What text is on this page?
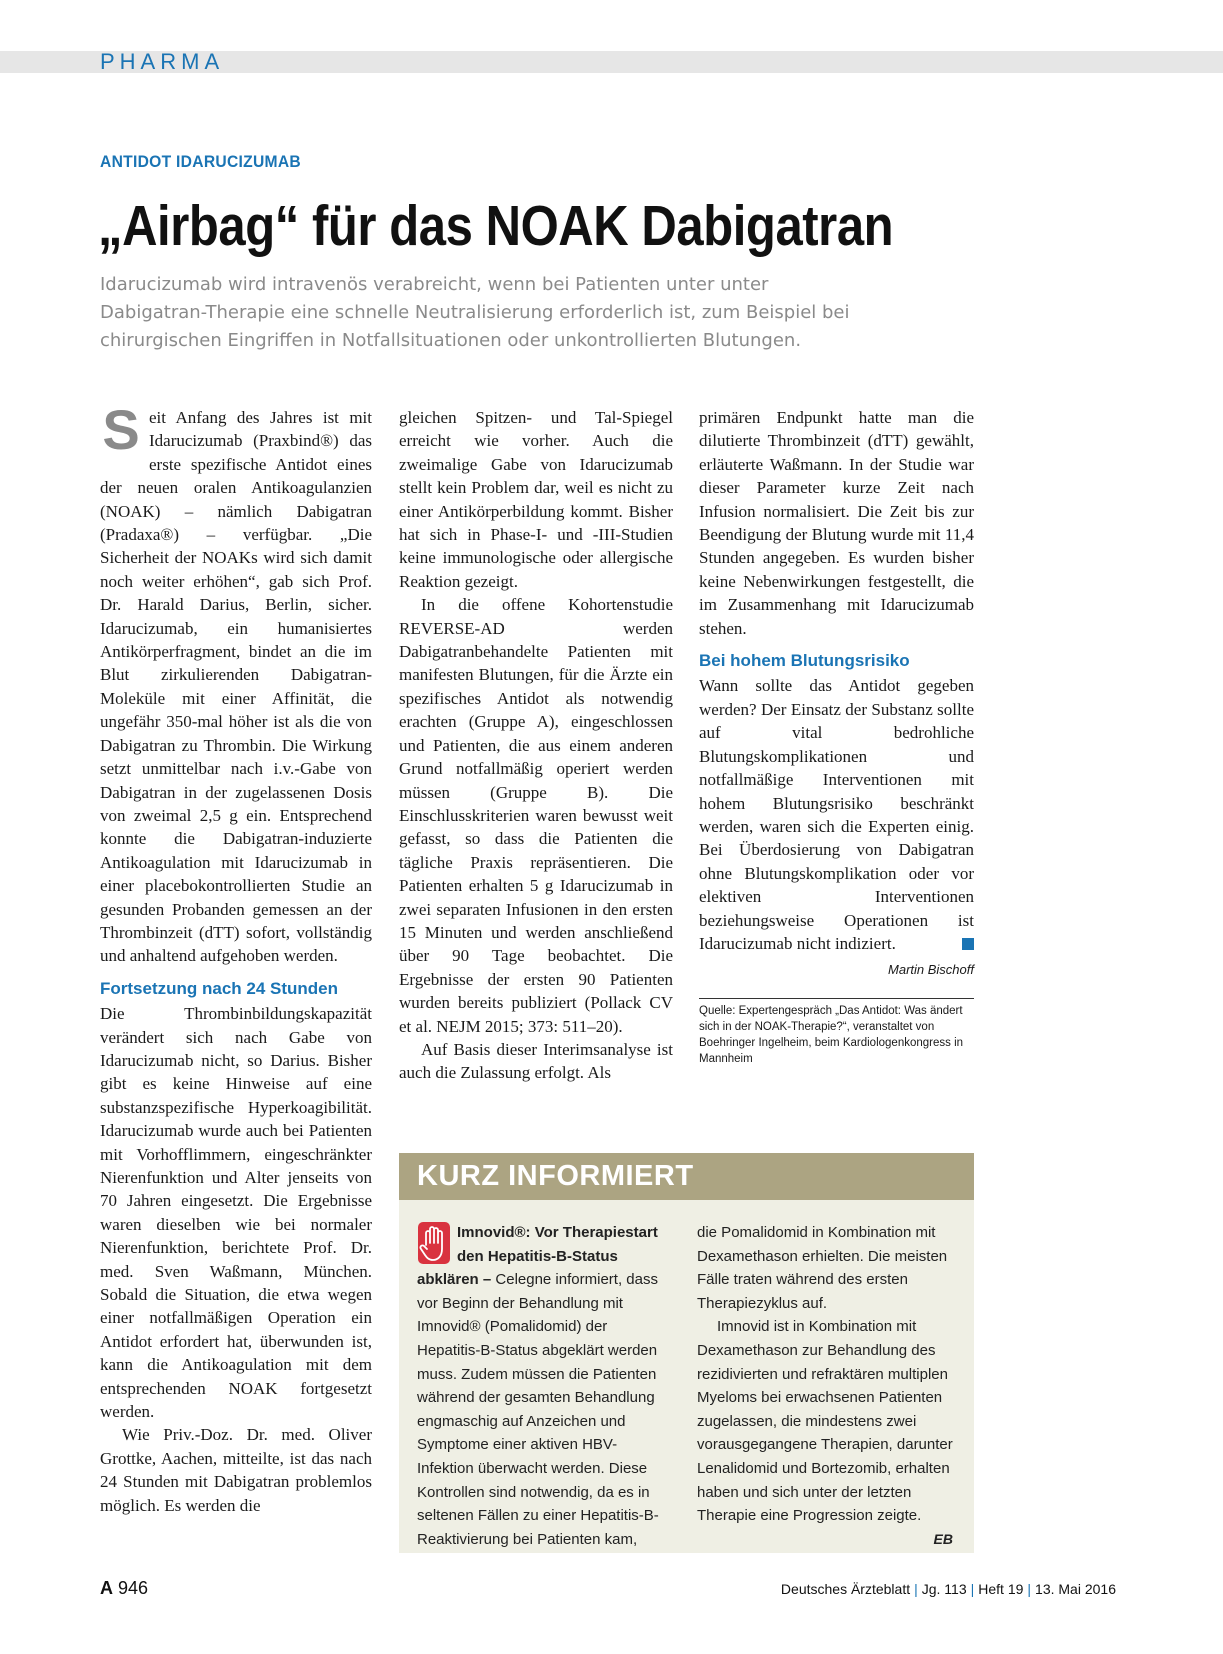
PHARMA
ANTIDOT IDARUCIZUMAB
„Airbag“ für das NOAK Dabigatran
Idarucizumab wird intravenös verabreicht, wenn bei Patienten unter unter
Dabigatran-Therapie eine schnelle Neutralisierung erforderlich ist, zum Beispiel bei
chirurgischen Eingriffen in Notfallsituationen oder unkontrollierten Blutungen.

Seit Anfang des Jahres ist mit Idarucizumab (Praxbind®) das erste spezifische Antidot eines der neuen oralen Antikoagulanzien (NOAK) – nämlich Dabigatran (Pradaxa®) – verfügbar. „Die Sicherheit der NOAKs wird sich damit noch weiter erhöhen“, gab sich Prof. Dr. Harald Darius, Berlin, sicher. Idarucizumab, ein humanisiertes Antikörperfragment, bindet an die im Blut zirkulierenden Dabigatran-Moleküle mit einer Affinität, die ungefähr 350-mal höher ist als die von Dabigatran zu Thrombin. Die Wirkung setzt unmittelbar nach i.v.-Gabe von Dabigatran in der zugelassenen Dosis von zweimal 2,5 g ein. Entsprechend konnte die Dabigatran-induzierte Antikoagulation mit Idarucizumab in einer placebokontrollierten Studie an gesunden Probanden gemessen an der Thrombinzeit (dTT) sofort, vollständig und anhaltend aufgehoben werden.

Fortsetzung nach 24 Stunden

Die Thrombinbildungskapazität verändert sich nach Gabe von Idarucizumab nicht, so Darius. Bisher gibt es keine Hinweise auf eine substanzspezifische Hyperkoagibilität. Idarucizumab wurde auch bei Patienten mit Vorhofflimmern, eingeschränkter Nierenfunktion und Alter jenseits von 70 Jahren eingesetzt. Die Ergebnisse waren dieselben wie bei normaler Nierenfunktion, berichtete Prof. Dr. med. Sven Waßmann, München. Sobald die Situation, die etwa wegen einer notfallmäßigen Operation ein Antidot erfordert hat, überwunden ist, kann die Antikoagulation mit dem entsprechenden NOAK fortgesetzt werden.

Wie Priv.-Doz. Dr. med. Oliver Grottke, Aachen, mitteilte, ist das nach 24 Stunden mit Dabigatran problemlos möglich. Es werden die

gleichen Spitzen- und Tal-Spiegel erreicht wie vorher. Auch die zweimalige Gabe von Idarucizumab stellt kein Problem dar, weil es nicht zu einer Antikörperbildung kommt. Bisher hat sich in Phase-I- und -III-Studien keine immunologische oder allergische Reaktion gezeigt.

In die offene Kohortenstudie REVERSE-AD werden Dabigatranbehandelte Patienten mit manifesten Blutungen, für die Ärzte ein spezifisches Antidot als notwendig erachten (Gruppe A), eingeschlossen und Patienten, die aus einem anderen Grund notfallmäßig operiert werden müssen (Gruppe B). Die Einschlusskriterien waren bewusst weit gefasst, so dass die Patienten die tägliche Praxis repräsentieren. Die Patienten erhalten 5 g Idarucizumab in zwei separaten Infusionen in den ersten 15 Minuten und werden anschließend über 90 Tage beobachtet. Die Ergebnisse der ersten 90 Patienten wurden bereits publiziert (Pollack CV et al. NEJM 2015; 373: 511–20).

Auf Basis dieser Interimsanalyse ist auch die Zulassung erfolgt. Als

primären Endpunkt hatte man die dilutierte Thrombinzeit (dTT) gewählt, erläuterte Waßmann. In der Studie war dieser Parameter kurze Zeit nach Infusion normalisiert. Die Zeit bis zur Beendigung der Blutung wurde mit 11,4 Stunden angegeben. Es wurden bisher keine Nebenwirkungen festgestellt, die im Zusammenhang mit Idarucizumab stehen.

Bei hohem Blutungsrisiko

Wann sollte das Antidot gegeben werden? Der Einsatz der Substanz sollte auf vital bedrohliche Blutungskomplikationen und notfallmäßige Interventionen mit hohem Blutungsrisiko beschränkt werden, waren sich die Experten einig. Bei Überdosierung von Dabigatran ohne Blutungskomplikation oder vor elektiven Interventionen beziehungsweise Operationen ist Idarucizumab nicht indiziert.

Martin Bischoff

Quelle: Expertengespräch „Das Antidot: Was ändert sich in der NOAK-Therapie?“, veranstaltet von Boehringer Ingelheim, beim Kardiologenkongress in Mannheim

KURZ INFORMIERT

Imnovid®: Vor Therapiestart den Hepatitis-B-Status abklären – Celegne informiert, dass vor Beginn der Behandlung mit Imnovid® (Pomalidomid) der Hepatitis-B-Status abgeklärt werden muss. Zudem müssen die Patienten während der gesamten Behandlung engmaschig auf Anzeichen und Symptome einer aktiven HBV-Infektion überwacht werden. Diese Kontrollen sind notwendig, da es in seltenen Fällen zu einer Hepatitis-B-Reaktivierung bei Patienten kam,

die Pomalidomid in Kombination mit Dexamethason erhielten. Die meisten Fälle traten während des ersten Therapiezyklus auf.

Imnovid ist in Kombination mit Dexamethason zur Behandlung des rezidivierten und refraktären multiplen Myeloms bei erwachsenen Patienten zugelassen, die mindestens zwei vorausgegangene Therapien, darunter Lenalidomid und Bortezomib, erhalten haben und sich unter der letzten Therapie eine Progression zeigte.
EB

A 946	Deutsches Ärzteblatt | Jg. 113 | Heft 19 | 13. Mai 2016
